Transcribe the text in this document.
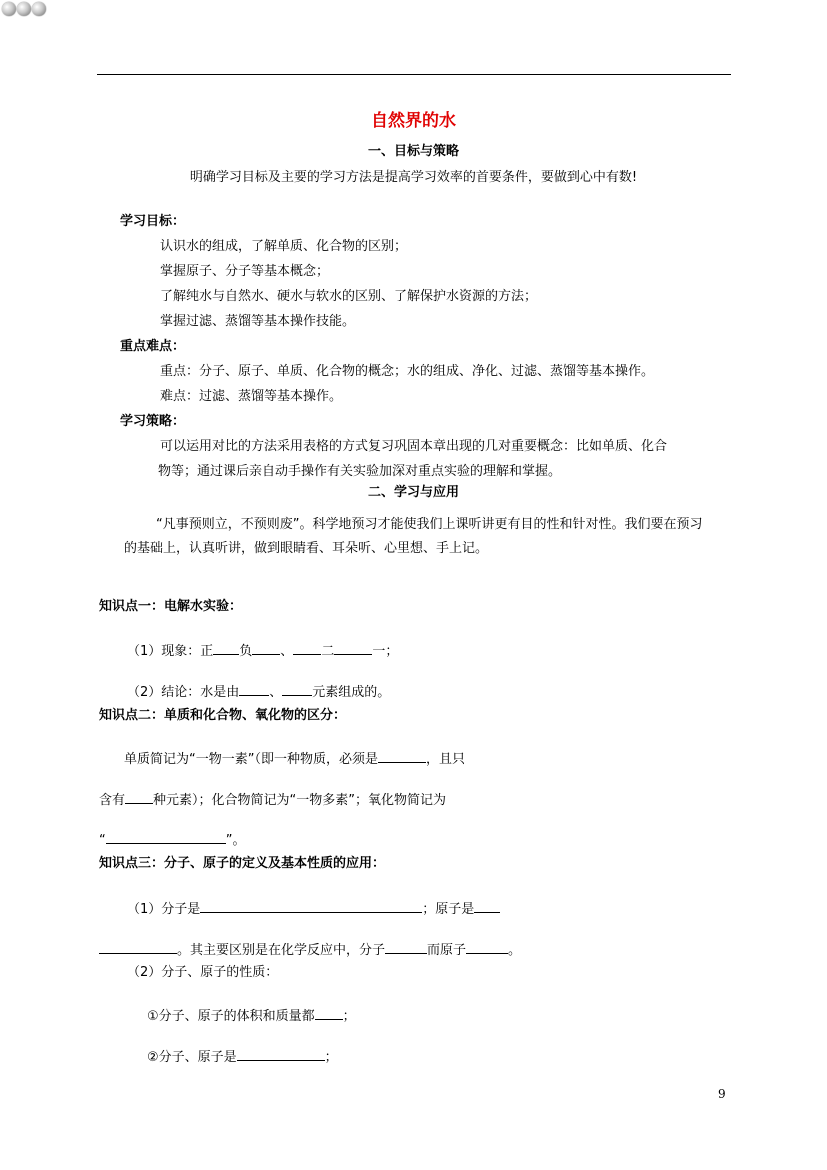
自然界的水
一、目标与策略
明确学习目标及主要的学习方法是提高学习效率的首要条件，要做到心中有数!
学习目标：
认识水的组成，了解单质、化合物的区别；
掌握原子、分子等基本概念；
了解纯水与自然水、硬水与软水的区别、了解保护水资源的方法；
掌握过滤、蒸馏等基本操作技能。
重点难点：
重点：分子、原子、单质、化合物的概念；水的组成、净化、过滤、蒸馏等基本操作。
难点：过滤、蒸馏等基本操作。
学习策略：
可以运用对比的方法采用表格的方式复习巩固本章出现的几对重要概念：比如单质、化合
物等；通过课后亲自动手操作有关实验加深对重点实验的理解和掌握。
二、学习与应用
“凡事预则立，不预则废”。科学地预习才能使我们上课听讲更有目的性和针对性。我们要在预习
的基础上，认真听讲，做到眼睛看、耳朵听、心里想、手上记。
知识点一：电解水实验：
（1）现象：正 负 、 二	一；
（2）结论：水是由 、 元素组成的。
知识点二：单质和化合物、氧化物的区分：
单质简记为“一物一素”（即一种物质，必须是	，且只
含有 种元素）；化合物简记为“一物多素”；氧化物简记为
“	”。
知识点三：分子、原子的定义及基本性质的应用：
（1）分子是	；原子是
。其主要区别是在化学反应中，分子	而原子	。
（2）分子、原子的性质：
①分子、原子的体积和质量都 ；
②分子、原子是	；
9
